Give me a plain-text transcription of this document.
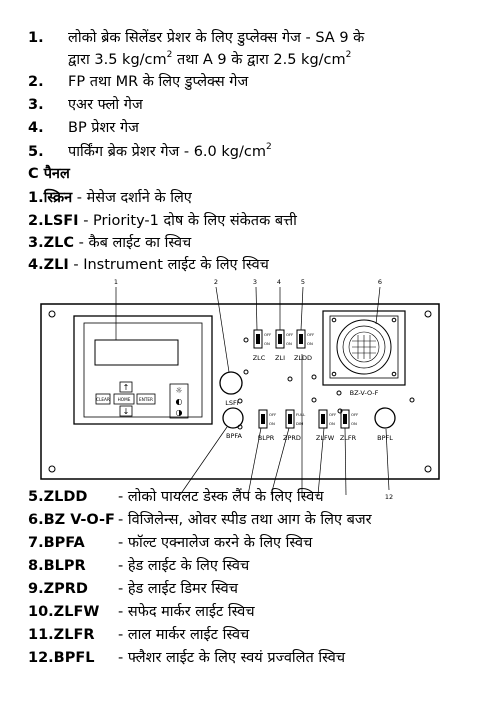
1. लोको ब्रेक सिलेंडर प्रेशर के लिए डुप्लेक्स गेज - SA 9 के
द्वारा 3.5 $kg/cm^2$ तथा A 9 के द्वारा 2.5 $kg/cm^2$
2. FP तथा MR के लिए डुप्लेक्स गेज
3. एअर फ्लो गेज
4. BP प्रेशर गेज
5. पार्किंग ब्रेक प्रेशर गेज - 6.0 $kg/cm^2$
C पैनल
1.स्क्रिन - मेसेज दर्शाने के लिए
2.LSFI - Priority-1 दोष के लिए संकेतक बत्ती
3.ZLC - कैब लाईट का स्विच
4.ZLI - Instrument लाईट के लिए स्विच
↑
CLEAR HOME ENTER
↓
☼
◐
◑
LSFI
BPFA
OFF
ON
ZLC
OFF
ON
ZLI
OFF
ON
ZLDD
BZ-V-O-F
OFF
ON
BLPR
FULL
DIM
ZPRD
OFF
ON
ZLFW
OFF
ON
ZLFR	BPFL
1	2	3	4	5	6
12
5.ZLDD - लोको पायलट डेस्क लैंप के लिए स्विच
6.BZ V-O-F - विजिलेन्स, ओवर स्पीड तथा आग के लिए बजर
7.BPFA - फॉल्ट एक्नालेज करने के लिए स्विच
8.BLPR - हेड लाईट के लिए स्विच
9.ZPRD - हेड लाईट डिमर स्विच
10.ZLFW - सफेद मार्कर लाईट स्विच
11.ZLFR - लाल मार्कर लाईट स्विच
12.BPFL - फ्लैशर लाईट के लिए स्वयं प्रज्वलित स्विच
